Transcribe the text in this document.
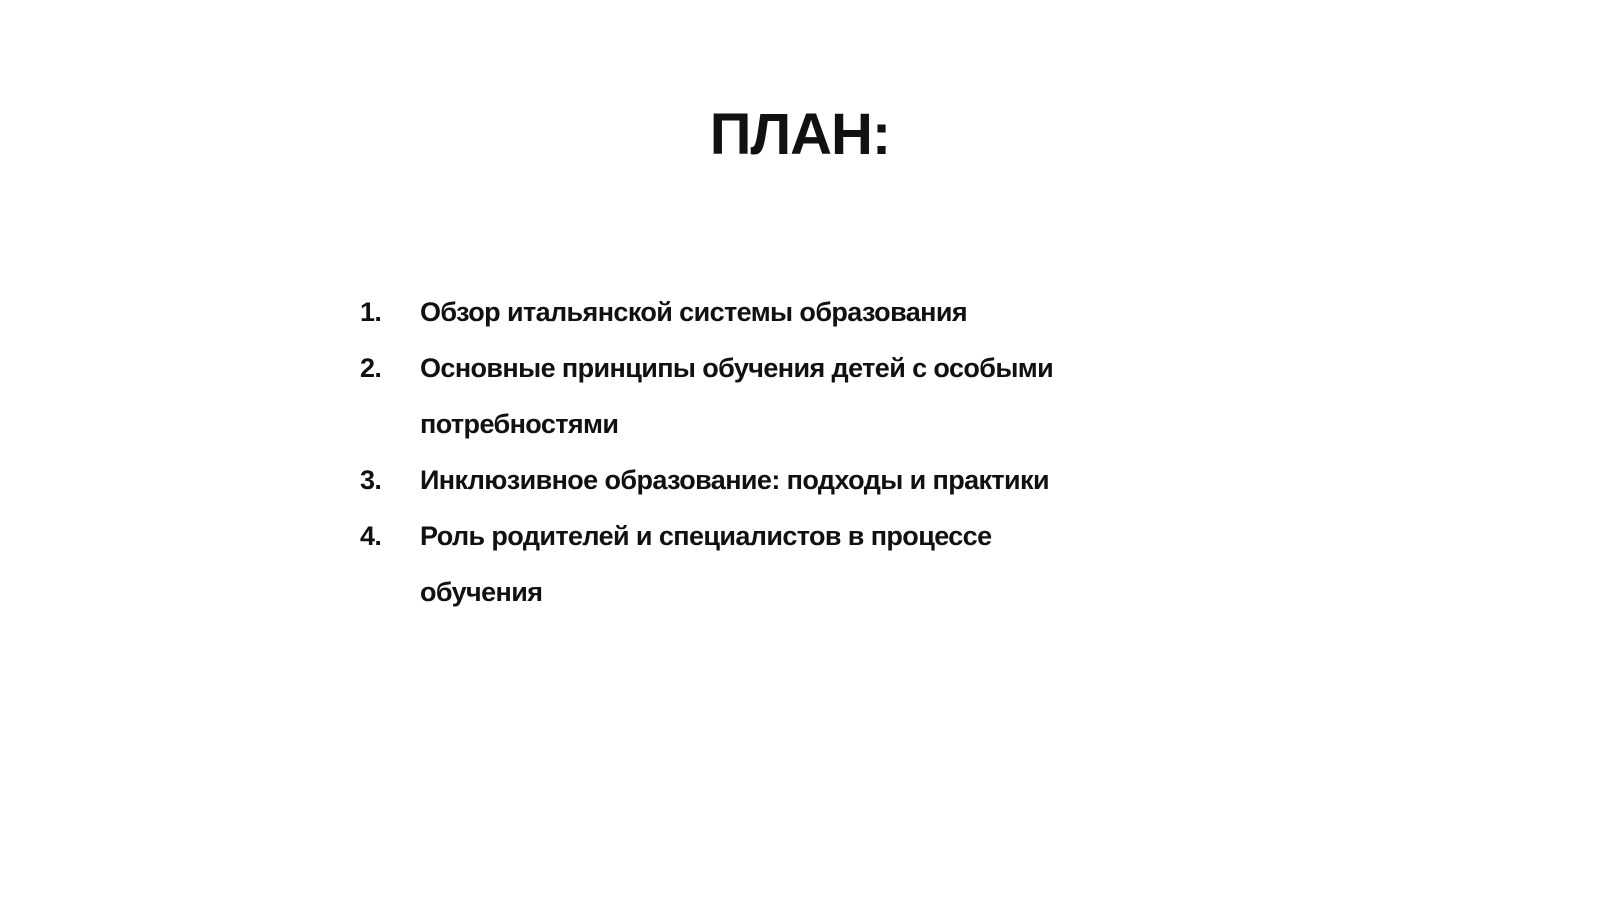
ПЛАН:
1.	Обзор итальянской системы образования
2.	Основные принципы обучения детей с особыми потребностями
3.	Инклюзивное образование: подходы и практики
4.	Роль родителей и специалистов в процессе обучения
